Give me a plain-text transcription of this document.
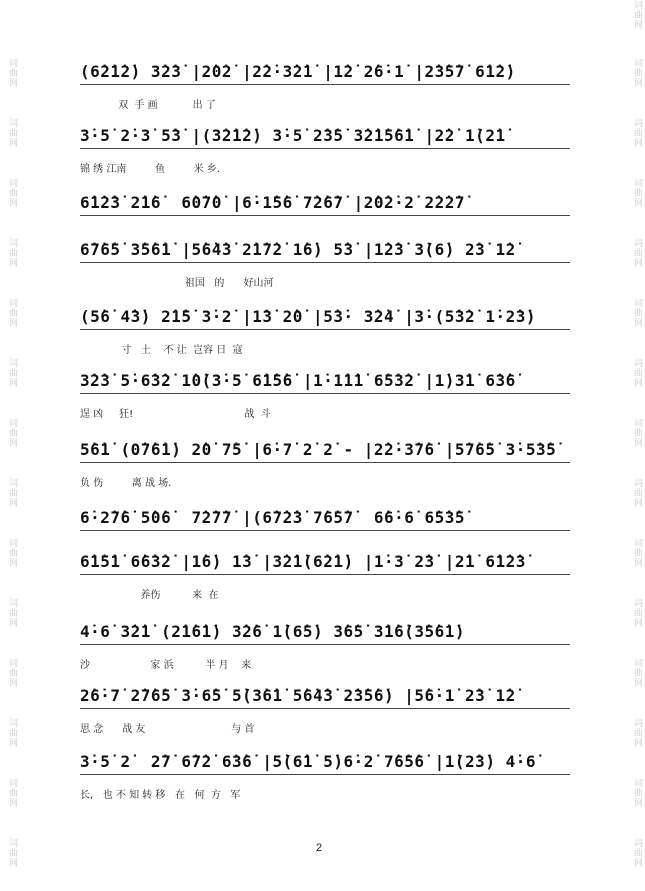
词曲网
词曲网
词曲网
词曲网
词曲网
词曲网
词曲网
词曲网
词曲网
词曲网
词曲网
词曲网
词曲网
词曲网
词曲网
词曲网
词曲网
词曲网
词曲网
词曲网
词曲网
词曲网
词曲网
词曲网
词曲网
词曲网
词曲网
词曲网
词曲网
(6̇2̇1̇2̇) 3̇2̇3̇ |2̇0̇2̇ |2̇2̇·3̇2̇1̇ |1̇2̇ 2̇6̇·1̇ |2̇3̇5̇7̇ 6̇1̇2̇)
双  手 画           出 了
3̇·5̇ 2̇·3̇ 5̇3̇ |(3̇2̇1̇2̇) 3̇·5̇ 2̇3̇5̇ 3̇2̇1̇5̇6̇1̇ |2̇2̇ 1̇(2̇1̇
锦 绣 江南         鱼         米 乡.
6̇1̇2̇3̇ 2̇1̇6̇  6̇0̇7̇0̇ |6̇·1̇5̇6̇ 7̇2̇6̇7̇ |2̇0̇2̇·2̇ 2̇2̇2̇7̇
6̇7̇6̇5̇ 3̇5̇6̇1̇ |5̇6̇4̇3̇ 2̇1̇7̇2̇ 1̇6̇) 5̇3̇ |1̇2̇3̇ 3̇(6̇) 2̇3̇ 1̇2̇
祖国   的      好山河
(5̇6̇ 4̇3̇) 2̇1̇5̇ 3̇·2̇ |1̇3̇ 2̇0̇ |5̇3̇· 3̇2̇4̇ |3̇·(5̇3̇2̇ 1̇·2̇3̇)
寸   土    不 让  岂容 日  寇
3̇2̇3̇ 5̇·6̇3̇2̇ 1̇0̇(3̇·5̇ 6̇1̇5̇6̇ |1̇·1̇1̇1̇ 6̇5̇3̇2̇ |1̇)3̇1̇ 6̇3̇6̇
逞 凶     狂!                                   战  斗
5̇6̇1̇ (0̇7̇6̇1̇) 2̇0̇ 7̇5̇ |6̇·7̇ 2̇ 2̇ - |2̇2̇·3̇7̇6̇ |5̇7̇6̇5̇ 3̇·5̇3̇5̇
负 伤         离 战 场.
6̇·2̇7̇6̇ 5̇0̇6̇  7̇2̇7̇7̇ |(6̇7̇2̇3̇ 7̇6̇5̇7̇  6̇6̇·6̇ 6̇5̇3̇5̇
6̇1̇5̇1̇ 6̇6̇3̇2̇ |1̇6̇) 1̇3̇ |3̇2̇1̇(6̇2̇1̇) |1̇·3̇ 2̇3̇ |2̇1̇ 6̇1̇2̇3̇
养伤          来  在
4̇·6̇ 3̇2̇1̇ (2̇1̇6̇1̇) 3̇2̇6̇ 1̇(6̇5̇) 3̇6̇5̇ 3̇1̇6̇(3̇5̇6̇1̇)
沙                   家 浜          半 月    来
2̇6̇·7̇ 2̇7̇6̇5̇ 3̇·6̇5̇ 5̇(3̇6̇1̇ 5̇6̇4̇3̇ 2̇3̇5̇6̇) |5̇6̇·1̇ 2̇3̇ 1̇2̇
思 念      战 友                           与 首
3̇·5̇ 2̇  2̇7̇ 6̇7̇2̇ 6̇3̇6̇ |5̇(6̇1̇ 5̇)6̇·2̇ 7̇6̇5̇6̇ |1̇(2̇3̇) 4̇·6̇
长,   也 不 知 转 移   在   何  方   军
2
